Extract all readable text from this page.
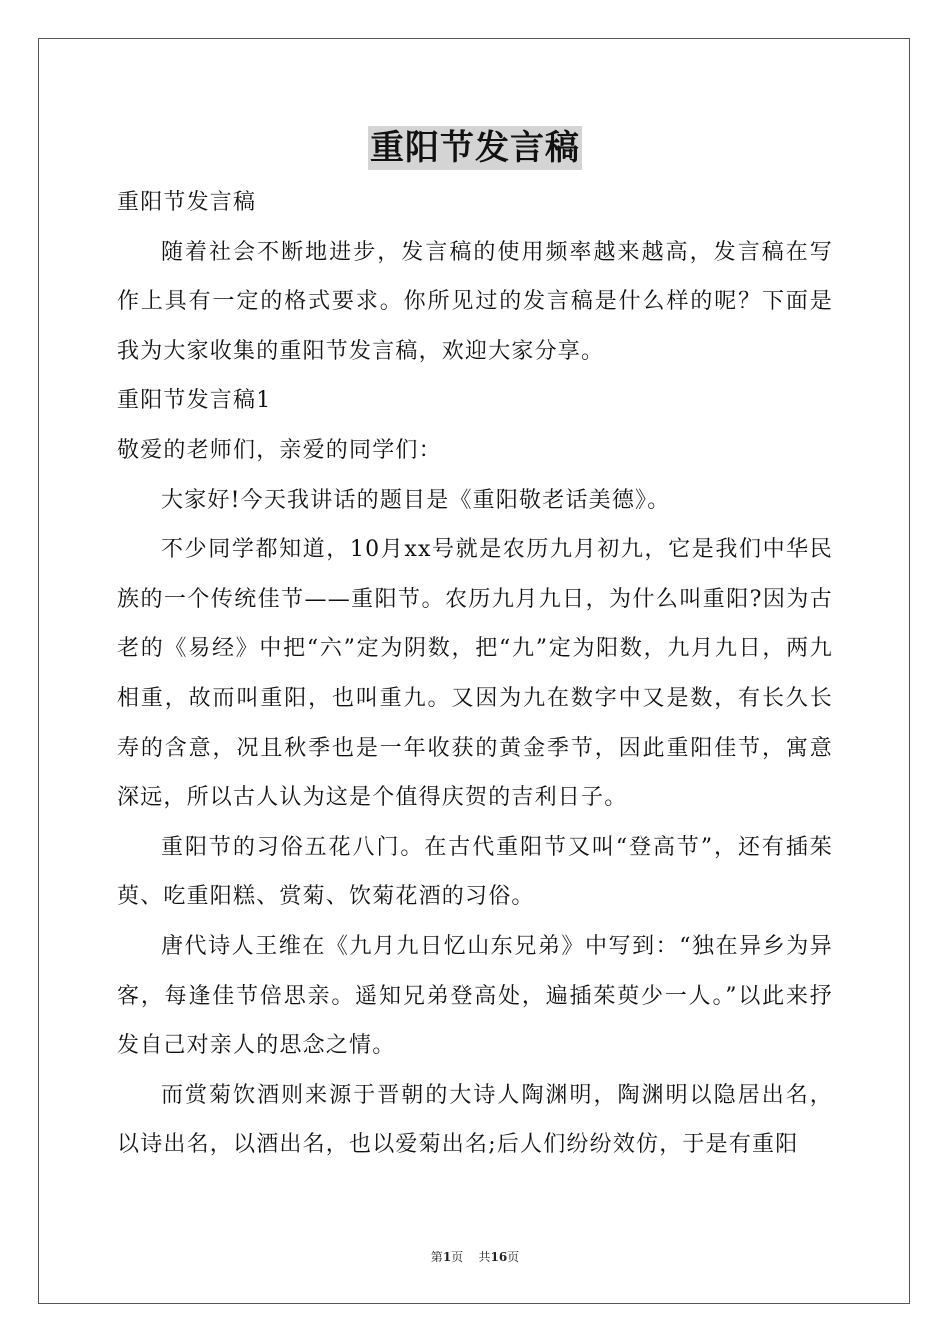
重阳节发言稿

重阳节发言稿

随着社会不断地进步，发言稿的使用频率越来越高，发言稿在写作上具有一定的格式要求。你所见过的发言稿是什么样的呢？下面是我为大家收集的重阳节发言稿，欢迎大家分享。

重阳节发言稿1

敬爱的老师们，亲爱的同学们：

大家好!今天我讲话的题目是《重阳敬老话美德》。

不少同学都知道，10月xx号就是农历九月初九，它是我们中华民族的一个传统佳节——重阳节。农历九月九日，为什么叫重阳?因为古老的《易经》中把“六”定为阴数，把“九”定为阳数，九月九日，两九相重，故而叫重阳，也叫重九。又因为九在数字中又是数，有长久长寿的含意，况且秋季也是一年收获的黄金季节，因此重阳佳节，寓意深远，所以古人认为这是个值得庆贺的吉利日子。

重阳节的习俗五花八门。在古代重阳节又叫“登高节”，还有插茱萸、吃重阳糕、赏菊、饮菊花酒的习俗。

唐代诗人王维在《九月九日忆山东兄弟》中写到：“独在异乡为异客，每逢佳节倍思亲。遥知兄弟登高处，遍插茱萸少一人。”以此来抒发自己对亲人的思念之情。

而赏菊饮酒则来源于晋朝的大诗人陶渊明，陶渊明以隐居出名，以诗出名，以酒出名，也以爱菊出名;后人们纷纷效仿，于是有重阳

第1页 共16页
